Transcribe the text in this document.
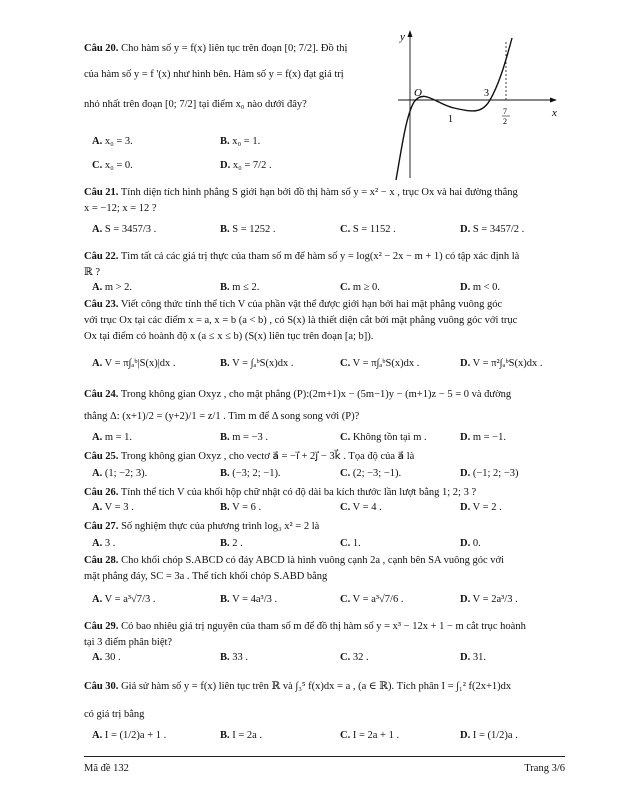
Câu 20. Cho hàm số y = f(x) liên tục trên đoạn [0; 7/2]. Đồ thị
của hàm số y = f '(x) như hình bên. Hàm số y = f(x) đạt giá trị
nhỏ nhất trên đoạn [0; 7/2] tại điểm x₀ nào dưới đây?
A. x₀ = 3.	B. x₀ = 1.
C. x₀ = 0.	D. x₀ = 7/2 .
y
x
O
1
3
7
2
Câu 21. Tính diện tích hình phẳng S giới hạn bởi đồ thị hàm số y = x² − x , trục Ox và hai đường thẳng
x = −12; x = 12 ?
A. S = 3457/3 .	B. S = 1252 .	C. S = 1152 .	D. S = 3457/2 .
Câu 22. Tìm tất cả các giá trị thực của tham số m để hàm số y = log(x² − 2x − m + 1) có tập xác định là
ℝ ?
A. m > 2.	B. m ≤ 2.	C. m ≥ 0.	D. m < 0.
Câu 23. Viết công thức tính thể tích V của phần vật thể được giới hạn bởi hai mặt phẳng vuông góc
với trục Ox tại các điểm x = a, x = b (a < b) , có S(x) là thiết diện cắt bởi mặt phẳng vuông góc với trục
Ox tại điểm có hoành độ x (a ≤ x ≤ b) (S(x) liên tục trên đoạn [a; b]).
A. V = π∫ₐᵇ|S(x)|dx .	B. V = ∫ₐᵇS(x)dx .	C. V = π∫ₐᵇS(x)dx .	D. V = π²∫ₐᵇS(x)dx .
Câu 24. Trong không gian Oxyz , cho mặt phẳng (P):(2m+1)x − (5m−1)y − (m+1)z − 5 = 0 và đường
thẳng Δ: (x+1)/2 = (y+2)/1 = z/1 . Tìm m để Δ song song với (P)?
A. m = 1.	B. m = −3 .	C. Không tồn tại m .	D. m = −1.
Câu 25. Trong không gian Oxyz , cho vectơ a⃗ = −i⃗ + 2j⃗ − 3k⃗ . Tọa độ của a⃗ là
A. (1; −2; 3).	B. (−3; 2; −1).	C. (2; −3; −1).	D. (−1; 2; −3)
Câu 26. Tính thể tích V của khối hộp chữ nhật có độ dài ba kích thước lần lượt bằng 1; 2; 3 ?
A. V = 3 .	B. V = 6 .	C. V = 4 .	D. V = 2 .
Câu 27. Số nghiệm thực của phương trình log₃ x² = 2 là
A. 3 .	B. 2 .	C. 1.	D. 0.
Câu 28. Cho khối chóp S.ABCD có đáy ABCD là hình vuông cạnh 2a , cạnh bên SA vuông góc với
mặt phẳng đáy, SC = 3a . Thể tích khối chóp S.ABD bằng
A. V = a³√7/3 .	B. V = 4a³/3 .	C. V = a³√7/6 .	D. V = 2a³/3 .
Câu 29. Có bao nhiêu giá trị nguyên của tham số m để đồ thị hàm số y = x³ − 12x + 1 − m cắt trục hoành
tại 3 điểm phân biệt?
A. 30 .	B. 33 .	C. 32 .	D. 31.
Câu 30. Giả sử hàm số y = f(x) liên tục trên ℝ và ∫₃⁵ f(x)dx = a , (a ∈ ℝ). Tích phân I = ∫₁² f(2x+1)dx
có giá trị bằng
A. I = (1/2)a + 1 .	B. I = 2a .	C. I = 2a + 1 .	D. I = (1/2)a .
Mã đề 132	Trang 3/6
